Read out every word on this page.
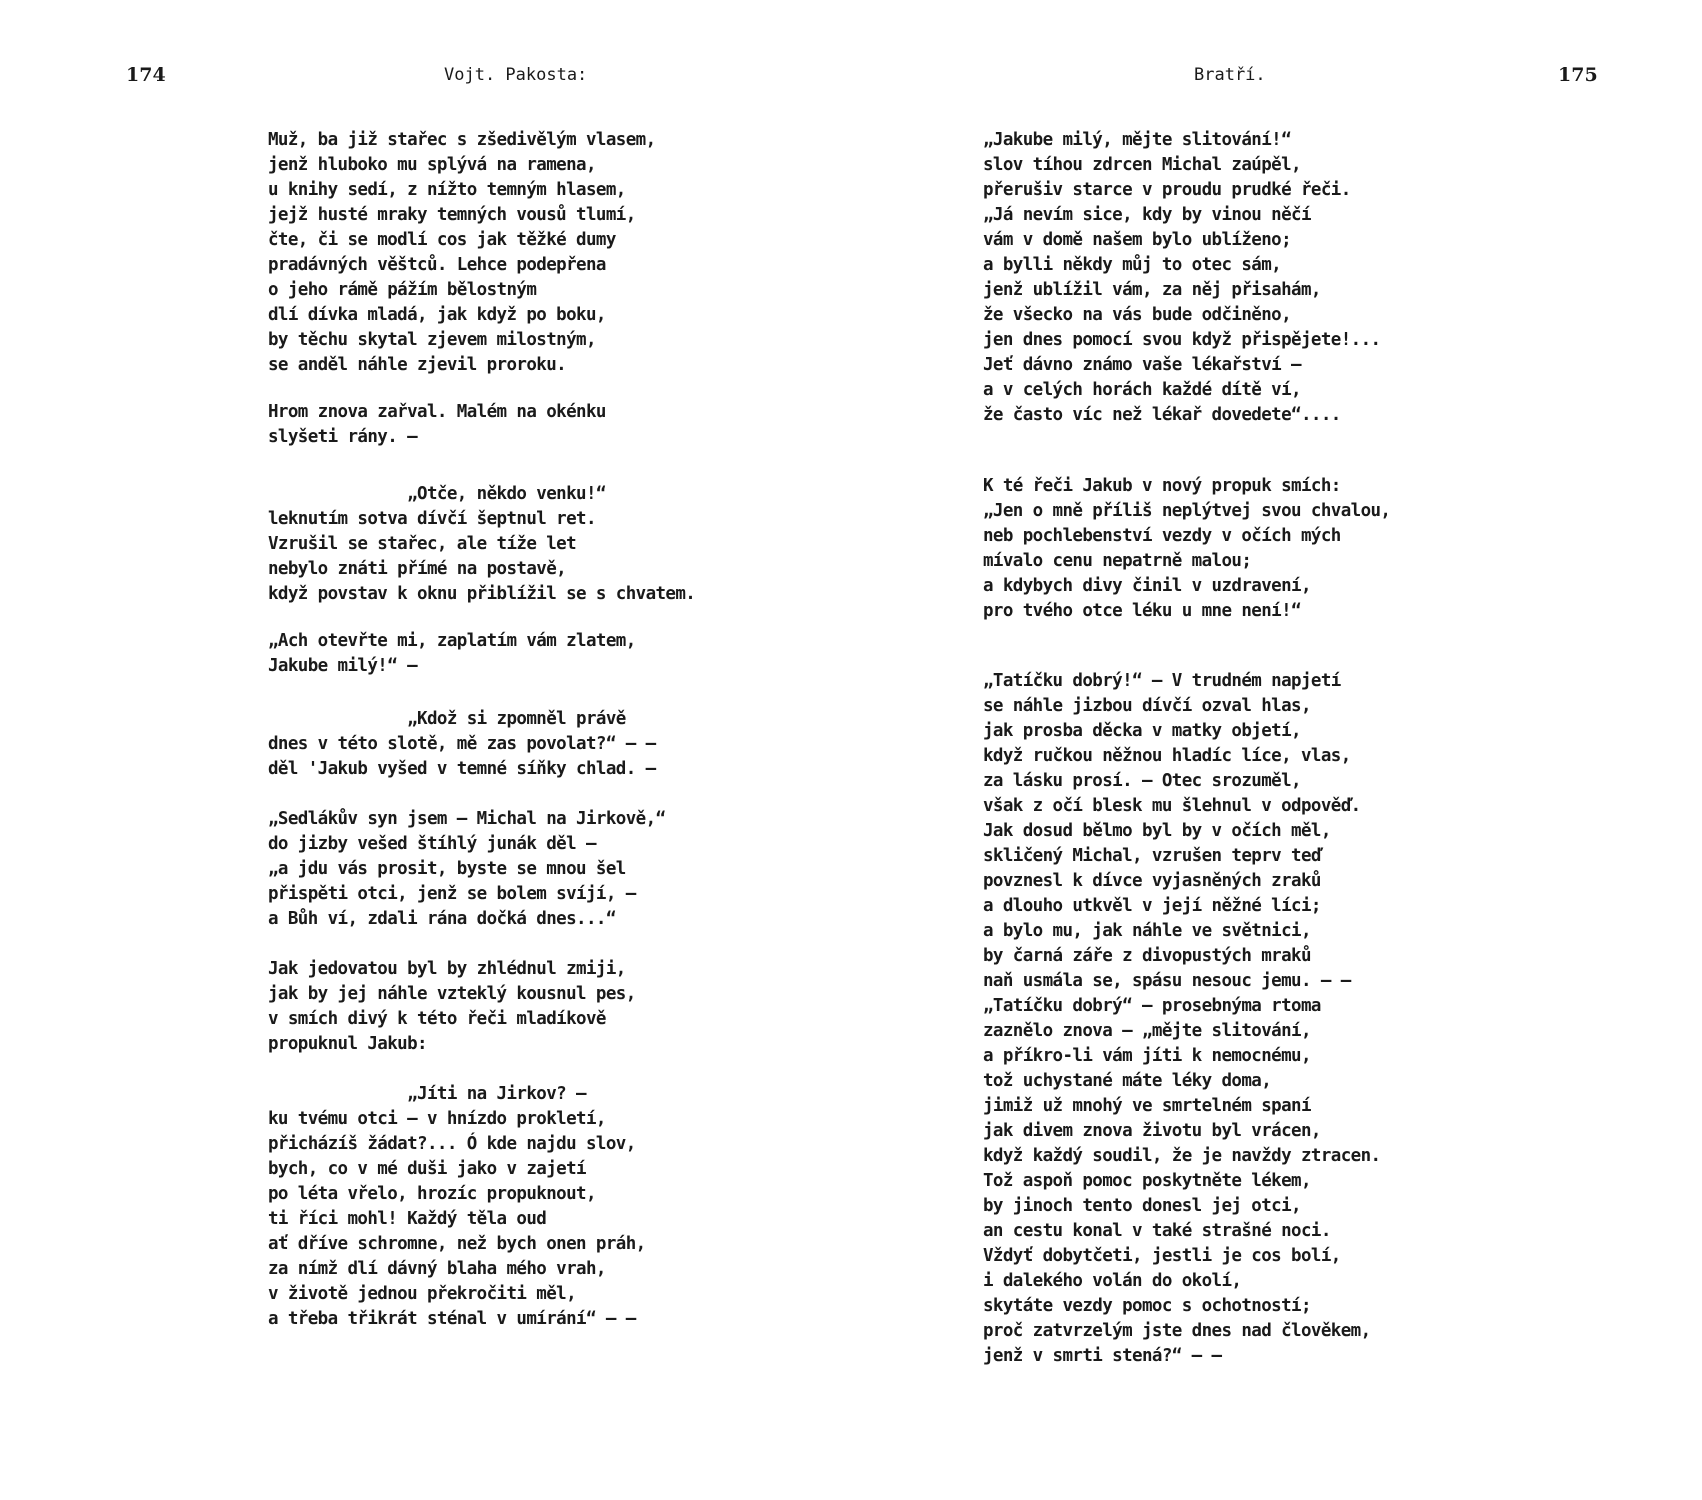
174	Vojt. Pakosta:

Muž, ba již stařec s zšedivělým vlasem,
jenž hluboko mu splývá na ramena,
u knihy sedí, z nížto temným hlasem,
jejž husté mraky temných vousů tlumí,
čte, či se modlí cos jak těžké dumy
pradávných věštců. Lehce podepřena
o jeho rámě pážím bělostným
dlí dívka mladá, jak když po boku,
by těchu skytal zjevem milostným,
se anděl náhle zjevil proroku.
Hrom znova zařval. Malém na okénku
slyšeti rány. —
„Otče, někdo venku!“
leknutím sotva dívčí šeptnul ret.
Vzrušil se stařec, ale tíže let
nebylo znáti přímé na postavě,
když povstav k oknu přiblížil se s chvatem.
„Ach otevřte mi, zaplatím vám zlatem,
Jakube milý!“ —
„Kdož si zpomněl právě
dnes v této slotě, mě zas povolat?“ — —
děl 'Jakub vyšed v temné síňky chlad. —
„Sedlákův syn jsem — Michal na Jirkově,“
do jizby vešed štíhlý junák děl —
„a jdu vás prosit, byste se mnou šel
přispěti otci, jenž se bolem svíjí, —
a Bůh ví, zdali rána dočká dnes...“
Jak jedovatou byl by zhlédnul zmiji,
jak by jej náhle vzteklý kousnul pes,
v smích divý k této řeči mladíkově
propuknul Jakub:
„Jíti na Jirkov? —
ku tvému otci — v hnízdo prokletí,
přicházíš žádat?... Ó kde najdu slov,
bych, co v mé duši jako v zajetí
po léta vřelo, hrozíc propuknout,
ti říci mohl! Každý těla oud
ať dříve schromne, než bych onen práh,
za nímž dlí dávný blaha mého vrah,
v životě jednou překročiti měl,
a třeba třikrát sténal v umírání“ — —

Bratří.	175

„Jakube milý, mějte slitování!“
slov tíhou zdrcen Michal zaúpěl,
přerušiv starce v proudu prudké řeči.
„Já nevím sice, kdy by vinou něčí
vám v domě našem bylo ublíženo;
a bylli někdy můj to otec sám,
jenž ublížil vám, za něj přisahám,
že všecko na vás bude odčiněno,
jen dnes pomocí svou když přispějete!...
Jeť dávno známo vaše lékařství —
a v celých horách každé dítě ví,
že často víc než lékař dovedete“....
K té řeči Jakub v nový propuk smích:
„Jen o mně příliš neplýtvej svou chvalou,
neb pochlebenství vezdy v očích mých
mívalo cenu nepatrně malou;
a kdybych divy činil v uzdravení,
pro tvého otce léku u mne není!“
„Tatíčku dobrý!“ — V trudném napjetí
se náhle jizbou dívčí ozval hlas,
jak prosba děcka v matky objetí,
když ručkou něžnou hladíc líce, vlas,
za lásku prosí. — Otec srozuměl,
však z očí blesk mu šlehnul v odpověď.
Jak dosud bělmo byl by v očích měl,
skličený Michal, vzrušen teprv teď
povznesl k dívce vyjasněných zraků
a dlouho utkvěl v její něžné líci;
a bylo mu, jak náhle ve světnici,
by čarná záře z divopustých mraků
naň usmála se, spásu nesouc jemu. — —
„Tatíčku dobrý“ — prosebnýma rtoma
zaznělo znova — „mějte slitování,
a příkro-li vám jíti k nemocnému,
tož uchystané máte léky doma,
jimiž už mnohý ve smrtelném spaní
jak divem znova životu byl vrácen,
když každý soudil, že je navždy ztracen.
Tož aspoň pomoc poskytněte lékem,
by jinoch tento donesl jej otci,
an cestu konal v také strašné noci.
Vždyť dobytčeti, jestli je cos bolí,
i dalekého volán do okolí,
skytáte vezdy pomoc s ochotností;
proč zatvrzelým jste dnes nad člověkem,
jenž v smrti stená?“ — —
